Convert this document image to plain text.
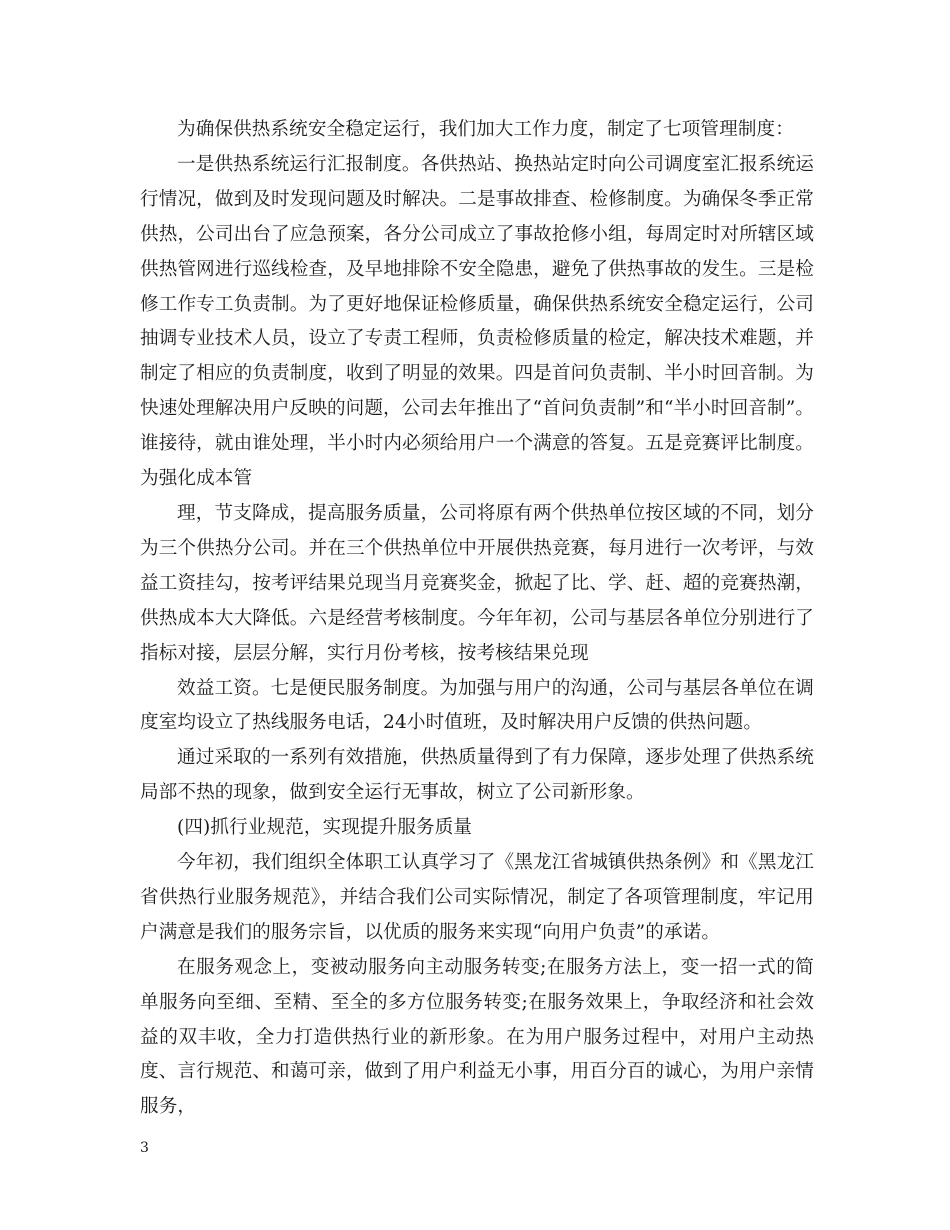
为确保供热系统安全稳定运行，我们加大工作力度，制定了七项管理制度：

一是供热系统运行汇报制度。各供热站、换热站定时向公司调度室汇报系统运行情况，做到及时发现问题及时解决。二是事故排查、检修制度。为确保冬季正常供热，公司出台了应急预案，各分公司成立了事故抢修小组，每周定时对所辖区域供热管网进行巡线检查，及早地排除不安全隐患，避免了供热事故的发生。三是检修工作专工负责制。为了更好地保证检修质量，确保供热系统安全稳定运行，公司抽调专业技术人员，设立了专责工程师，负责检修质量的检定，解决技术难题，并制定了相应的负责制度，收到了明显的效果。四是首问负责制、半小时回音制。为快速处理解决用户反映的问题，公司去年推出了“首问负责制”和“半小时回音制”。谁接待，就由谁处理，半小时内必须给用户一个满意的答复。五是竞赛评比制度。为强化成本管

理，节支降成，提高服务质量，公司将原有两个供热单位按区域的不同，划分为三个供热分公司。并在三个供热单位中开展供热竞赛，每月进行一次考评，与效益工资挂勾，按考评结果兑现当月竞赛奖金，掀起了比、学、赶、超的竞赛热潮，供热成本大大降低。六是经营考核制度。今年年初，公司与基层各单位分别进行了指标对接，层层分解，实行月份考核，按考核结果兑现

效益工资。七是便民服务制度。为加强与用户的沟通，公司与基层各单位在调度室均设立了热线服务电话，24小时值班，及时解决用户反馈的供热问题。

通过采取的一系列有效措施，供热质量得到了有力保障，逐步处理了供热系统局部不热的现象，做到安全运行无事故，树立了公司新形象。

(四)抓行业规范，实现提升服务质量

今年初，我们组织全体职工认真学习了《黑龙江省城镇供热条例》和《黑龙江省供热行业服务规范》，并结合我们公司实际情况，制定了各项管理制度，牢记用户满意是我们的服务宗旨，以优质的服务来实现“向用户负责”的承诺。

在服务观念上，变被动服务向主动服务转变;在服务方法上，变一招一式的简单服务向至细、至精、至全的多方位服务转变;在服务效果上，争取经济和社会效益的双丰收，全力打造供热行业的新形象。在为用户服务过程中，对用户主动热度、言行规范、和蔼可亲，做到了用户利益无小事，用百分百的诚心，为用户亲情服务，

3
